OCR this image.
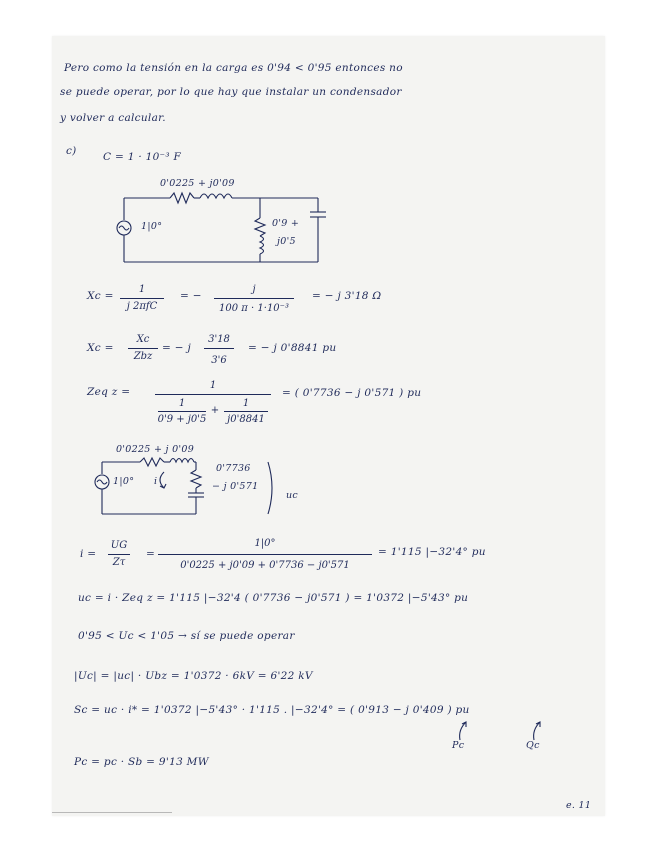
Pero como la tensión en la carga es 0'94 < 0'95 entonces no
se puede operar, por lo que hay que instalar un condensador
y volver a calcular.
c)	C = 1 · 10⁻³ F
0'0225 + j0'09
1|0°	0'9 +
j0'5
Xc =
1
j 2πfC
= −
j
100 π · 1·10⁻³
= − j 3'18 Ω
Xc =
Xc
Zbz
= − j
3'18
3'6
= − j 0'8841 pu
Zeq z =
1
1
0'9 + j0'5
+
1
j0'8841
= ( 0'7736 − j 0'571 ) pu
0'0225 + j 0'09
1|0° i
0'7736
− j 0'571
uc
i =
UG
Zτ
=
1|0°
0'0225 + j0'09 + 0'7736 − j0'571
= 1'115 |−32'4° pu
uc = i · Zeq z = 1'115 |−32'4 ( 0'7736 − j0'571 ) = 1'0372 |−5'43° pu
0'95 < Uc < 1'05 → sí se puede operar
|Uc| = |uc| · Ubz = 1'0372 · 6kV = 6'22 kV
Sc = uc · i* = 1'0372 |−5'43° · 1'115 . |−32'4° = ( 0'913 − j 0'409 ) pu
Pc	Qc
Pc = pc · Sb = 9'13 MW
e. 11
